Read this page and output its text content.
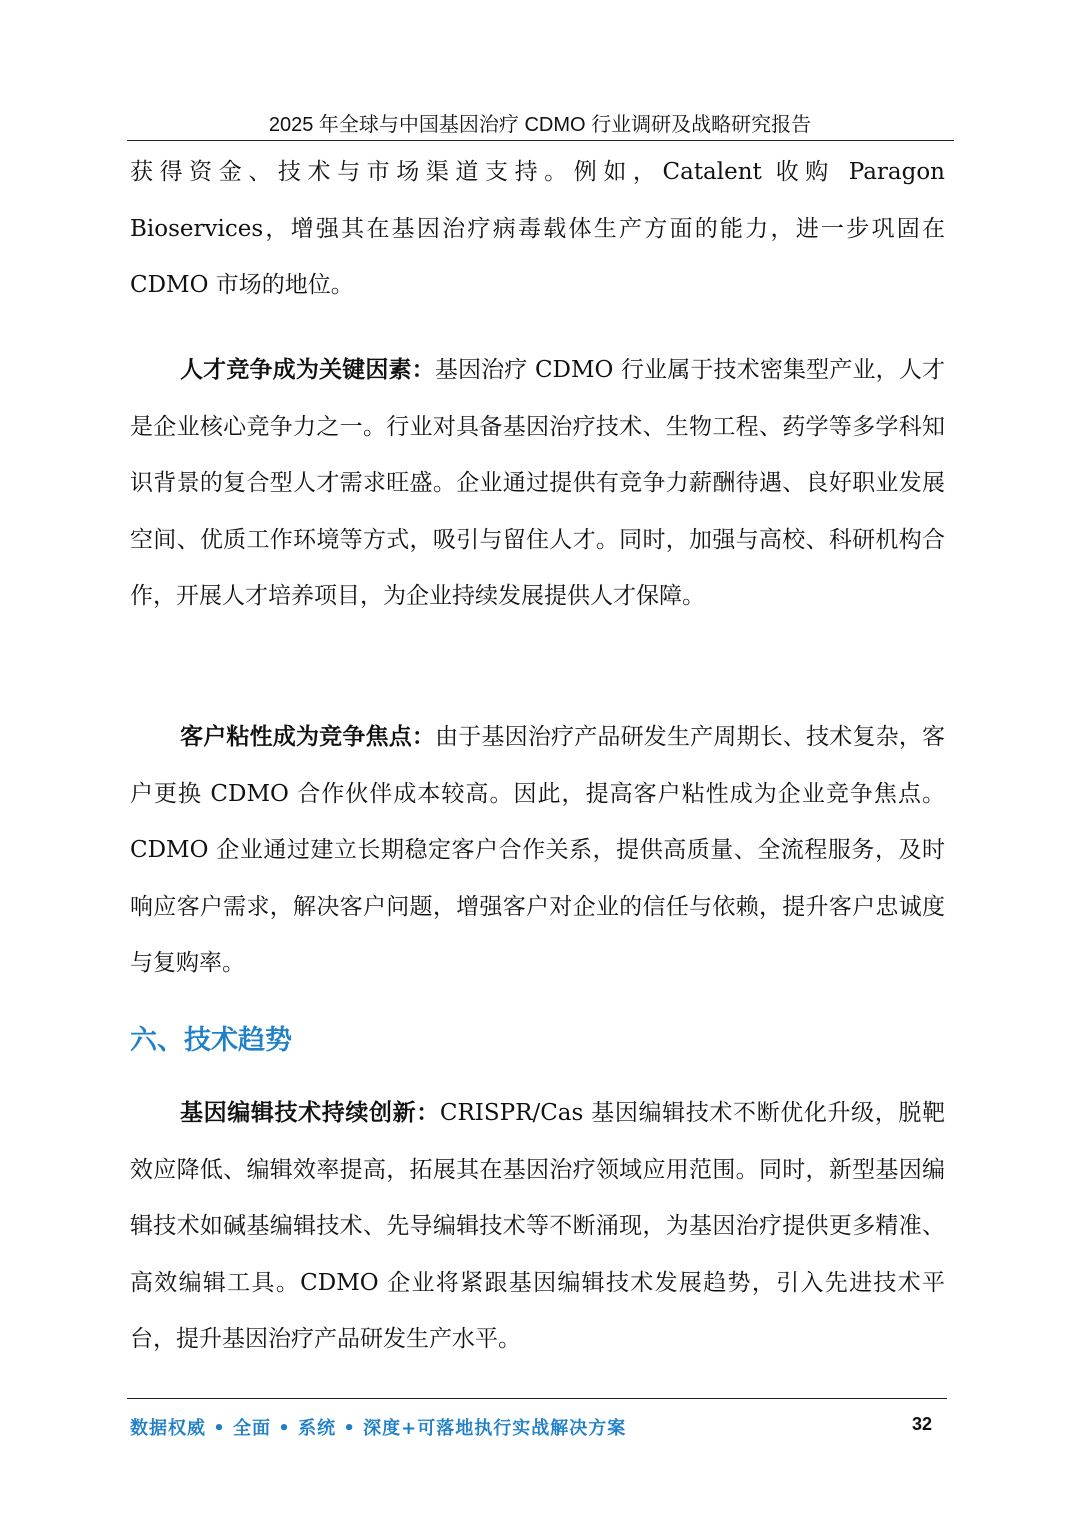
2025 年全球与中国基因治疗 CDMO 行业调研及战略研究报告

获得资金、技术与市场渠道支持。例如，Catalent 收购 Paragon Bioservices，增强其在基因治疗病毒载体生产方面的能力，进一步巩固在 CDMO 市场的地位。

人才竞争成为关键因素：基因治疗 CDMO 行业属于技术密集型产业，人才是企业核心竞争力之一。行业对具备基因治疗技术、生物工程、药学等多学科知识背景的复合型人才需求旺盛。企业通过提供有竞争力薪酬待遇、良好职业发展空间、优质工作环境等方式，吸引与留住人才。同时，加强与高校、科研机构合作，开展人才培养项目，为企业持续发展提供人才保障。

客户粘性成为竞争焦点：由于基因治疗产品研发生产周期长、技术复杂，客户更换 CDMO 合作伙伴成本较高。因此，提高客户粘性成为企业竞争焦点。CDMO 企业通过建立长期稳定客户合作关系，提供高质量、全流程服务，及时响应客户需求，解决客户问题，增强客户对企业的信任与依赖，提升客户忠诚度与复购率。

六、技术趋势

基因编辑技术持续创新：CRISPR/Cas 基因编辑技术不断优化升级，脱靶效应降低、编辑效率提高，拓展其在基因治疗领域应用范围。同时，新型基因编辑技术如碱基编辑技术、先导编辑技术等不断涌现，为基因治疗提供更多精准、高效编辑工具。CDMO 企业将紧跟基因编辑技术发展趋势，引入先进技术平台，提升基因治疗产品研发生产水平。

数据权威 • 全面 • 系统 • 深度+可落地执行实战解决方案	32
